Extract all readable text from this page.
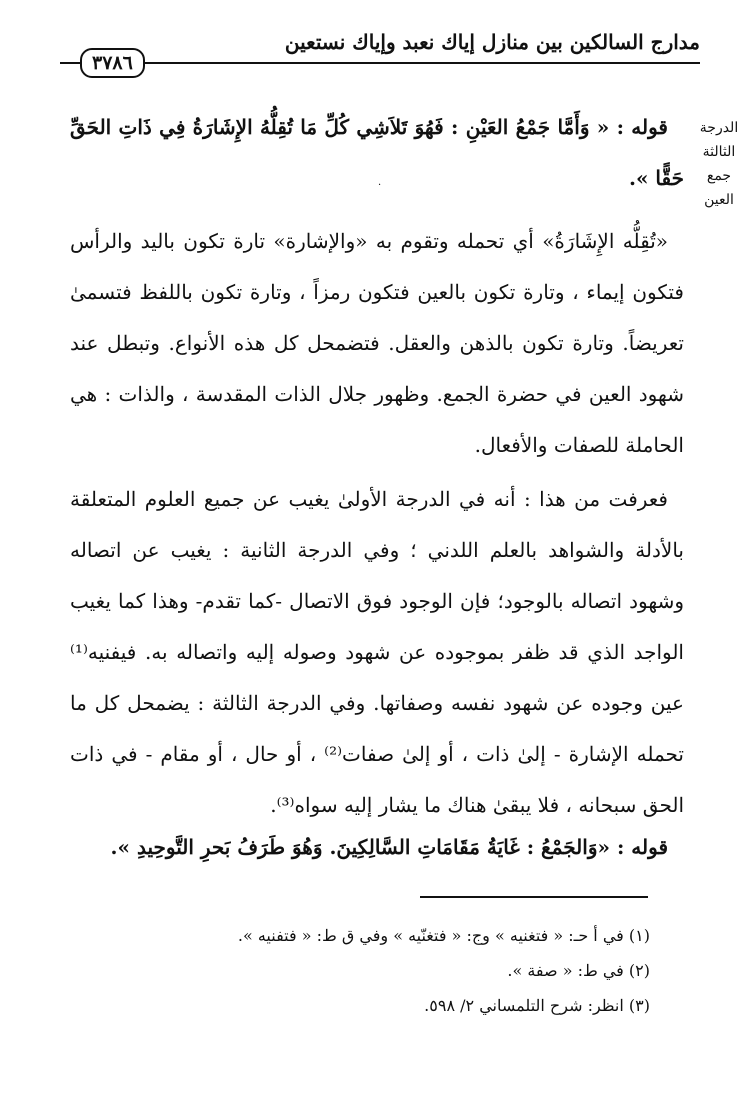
مدارج السالكين بين منازل إياك نعبد وإياك نستعين
٣٧٨٦
الدرجة الثالثة جمع العين
·

قوله : « وَأَمَّا جَمْعُ العَيْنِ : فَهُوَ تَلاَشِي كُلِّ مَا تُقِلُّهُ الإِشَارَةُ فِي ذَاتِ الحَقِّ حَقًّا ».

«تُقِلُّه الإِشَارَةُ» أي تحمله وتقوم به «والإشارة» تارة تكون باليد والرأس فتكون إيماء ، وتارة تكون بالعين فتكون رمزاً ، وتارة تكون باللفظ فتسمىٰ تعريضاً. وتارة تكون بالذهن والعقل. فتضمحل كل هذه الأنواع. وتبطل عند شهود العين في حضرة الجمع. وظهور جلال الذات المقدسة ، والذات : هي الحاملة للصفات والأفعال.

فعرفت من هذا : أنه في الدرجة الأولىٰ يغيب عن جميع العلوم المتعلقة بالأدلة والشواهد بالعلم اللدني ؛ وفي الدرجة الثانية : يغيب عن اتصاله وشهود اتصاله بالوجود؛ فإن الوجود فوق الاتصال -كما تقدم- وهذا كما يغيب الواجد الذي قد ظفر بموجوده عن شهود وصوله إليه واتصاله به. فيفنيه⁽¹⁾ عين وجوده عن شهود نفسه وصفاتها. وفي الدرجة الثالثة : يضمحل كل ما تحمله الإشارة - إلىٰ ذات ، أو إلىٰ صفات⁽²⁾ ، أو حال ، أو مقام - في ذات الحق سبحانه ، فلا يبقىٰ هناك ما يشار إليه سواه⁽³⁾.

قوله : «وَالجَمْعُ : غَايَةُ مَقَامَاتِ السَّالِكِينَ. وَهُوَ طَرَفُ بَحرِ التَّوحِيدِ ».

(١) في أ حـ: « فتغنيه » وج: « فتغنّيه » وفي ق ط: « فتفنيه ».
(٢) في ط: « صفة ».
(٣) انظر: شرح التلمساني ٢/ ٥٩٨.
